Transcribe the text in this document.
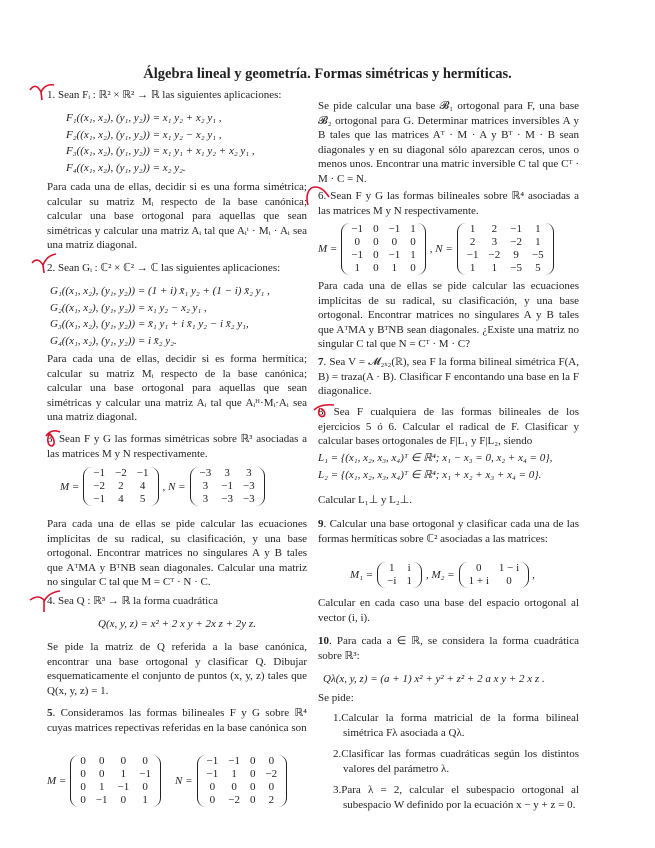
Álgebra lineal y geometría. Formas simétricas y hermíticas.
1. Sean Fᵢ : ℝ² × ℝ² → ℝ las siguientes aplicaciones:
F₁((x₁, x₂), (y₁, y₂)) = x₁ y₂ + x₂ y₁ ,
F₂((x₁, x₂), (y₁, y₂)) = x₁ y₂ − x₂ y₁ ,
F₃((x₁, x₂), (y₁, y₂)) = x₁ y₁ + x₁ y₂ + x₂ y₁ ,
F₄((x₁, x₂), (y₁, y₂)) = x₂ y₂.
Para cada una de ellas, decidir si es una forma simétrica; calcular su matriz Mᵢ respecto de la base canónica; calcular una base ortogonal para aquellas que sean simétricas y calcular una matriz Aᵢ tal que Aᵢᵗ · Mᵢ · Aᵢ sea una matriz diagonal.
2. Sean Gᵢ : ℂ² × ℂ² → ℂ las siguientes aplicaciones:
G₁((x₁, x₂), (y₁, y₂)) = (1 + i) x̄₁ y₂ + (1 − i) x̄₂ y₁ ,
G₂((x₁, x₂), (y₁, y₂)) = x₁ y₂ − x₂ y₁ ,
G₃((x₁, x₂), (y₁, y₂)) = x̄₁ y₁ + i x̄₁ y₂ − i x̄₂ y₁,
G₄((x₁, x₂), (y₁, y₂)) = i x̄₂ y₂.
Para cada una de ellas, decidir si es forma hermítica; calcular su matriz Mᵢ respecto de la base canónica; calcular una base ortogonal para aquellas que sean simétricas y calcular una matriz Aᵢ tal que Aᵢᴴ·Mᵢ·Aᵢ sea una matriz diagonal.
3. Sean F y G las formas simétricas sobre ℝ³ asociadas a las matrices M y N respectivamente.
M =
−1	−2	−1
−2	2	4
−1	4	5
, N =
−3	3	3
3	−1	−3
3	−3	−3
Para cada una de ellas se pide calcular las ecuaciones implícitas de su radical, su clasificación, y una base ortogonal. Encontrar matrices no singulares A y B tales que AᵀMA y BᵀNB sean diagonales. Calcular una matriz no singular C tal que M = Cᵀ · N · C.
4. Sea Q : ℝ³ → ℝ la forma cuadrática
Q(x, y, z) = x² + 2 x y + 2x z + 2y z.
Se pide la matriz de Q referida a la base canónica, encontrar una base ortogonal y clasificar Q. Dibujar esquematicamente el conjunto de puntos (x, y, z) tales que Q(x, y, z) = 1.
5. Consideramos las formas bilineales F y G sobre ℝ⁴ cuyas matrices repectivas referidas en la base canónica son
M =
0	0	0	0
0	0	1	−1
0	1	−1	0
0	−1	0	1
N =
−1	−1	0	0
−1	1	0	−2
0	0	0	0
0	−2	0	2
Se pide calcular una base 𝓑₁ ortogonal para F, una base 𝓑₂ ortogonal para G. Determinar matrices inversibles A y B tales que las matrices Aᵀ · M · A y Bᵀ · M · B sean diagonales y en su diagonal sólo aparezcan ceros, unos o menos unos. Encontrar una matric inversible C tal que Cᵀ · M · C = N.
6. Sean F y G las formas bilineales sobre ℝ⁴ asociadas a las matrices M y N respectivamente.
M =
−1	0	−1	1
0	0	0	0
−1	0	−1	1
1	0	1	0
, N =
1	2	−1	1
2	3	−2	1
−1	−2	9	−5
1	1	−5	5
Para cada una de ellas se pide calcular las ecuaciones implícitas de su radical, su clasificación, y una base ortogonal. Encontrar matrices no singulares A y B tales que AᵀMA y BᵀNB sean diagonales. ¿Existe una matriz no singular C tal que N = Cᵀ · M · C?
7. Sea V = 𝓜₂ₓ₂(ℝ), sea F la forma bilineal simétrica F(A, B) = traza(A · B). Clasificar F encontando una base en la F diagonalice.
8. Sea F cualquiera de las formas bilineales de los ejercicios 5 ó 6. Calcular el radical de F. Clasificar y calcular bases ortogonales de F|L₁ y F|L₂, siendo
L₁ = {(x₁, x₂, x₃, x₄)ᵀ ∈ ℝ⁴; x₁ − x₃ = 0, x₂ + x₄ = 0},
L₂ = {(x₁, x₂, x₃, x₄)ᵀ ∈ ℝ⁴; x₁ + x₂ + x₃ + x₄ = 0}.
Calcular L₁⊥ y L₂⊥.
9. Calcular una base ortogonal y clasificar cada una de las formas hermíticas sobre ℂ² asociadas a las matrices:
M₁ =
1	i
−i	1 , M₂ =
0	1 − i
1 + i	0 ,
Calcular en cada caso una base del espacio ortogonal al vector (i, i).
10. Para cada a ∈ ℝ, se considera la forma cuadrática sobre ℝ³:
Qλ(x, y, z) = (a + 1) x² + y² + z² + 2 a x y + 2 x z .
Se pide:
1.Calcular la forma matricial de la forma bilineal simétrica Fλ asociada a Qλ.
2.Clasificar las formas cuadráticas según los distintos valores del parámetro λ.
3.Para λ = 2, calcular el subespacio ortogonal al subespacio W definido por la ecuación x − y + z = 0.
